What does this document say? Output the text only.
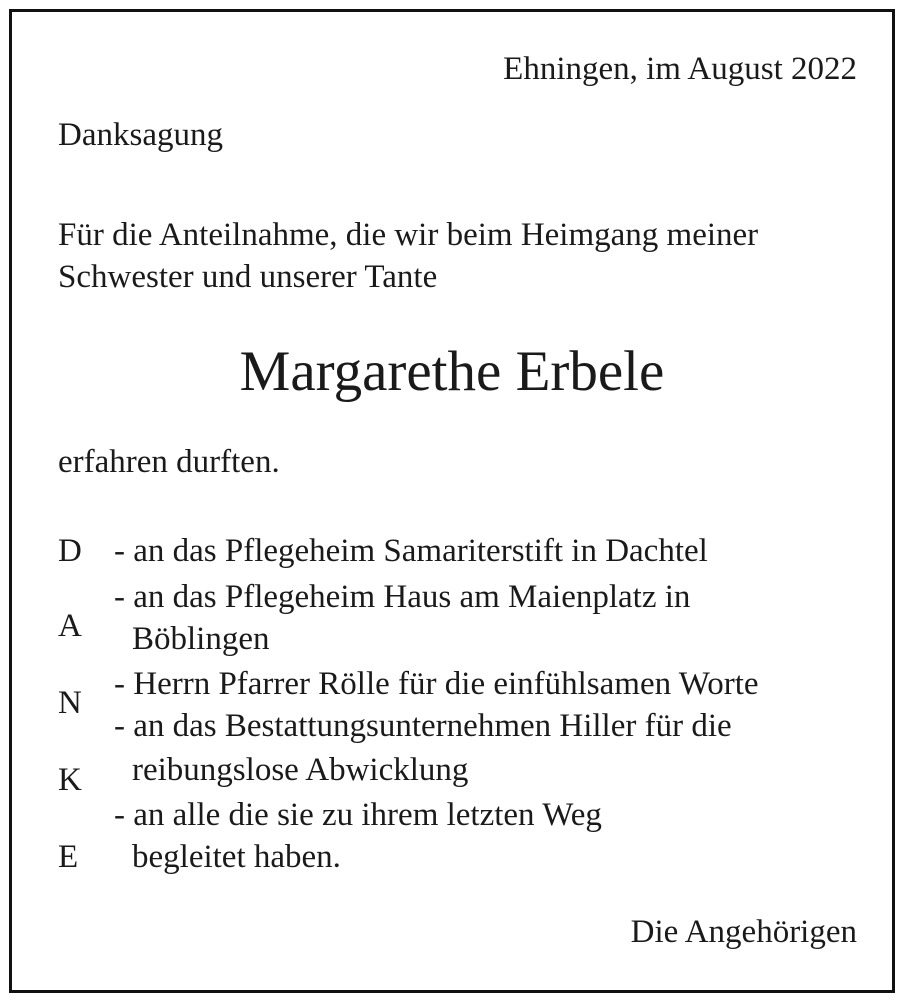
Ehningen, im August 2022

Danksagung

Für die Anteilnahme, die wir beim Heimgang meiner

Schwester und unserer Tante

Margarethe Erbele

erfahren durften.

D

A

N

K

E

- an das Pflegeheim Samariterstift in Dachtel

- an das Pflegeheim Haus am Maienplatz in

Böblingen

- Herrn Pfarrer Rölle für die einfühlsamen Worte

- an das Bestattungsunternehmen Hiller für die

reibungslose Abwicklung

- an alle die sie zu ihrem letzten Weg

begleitet haben.

Die Angehörigen
